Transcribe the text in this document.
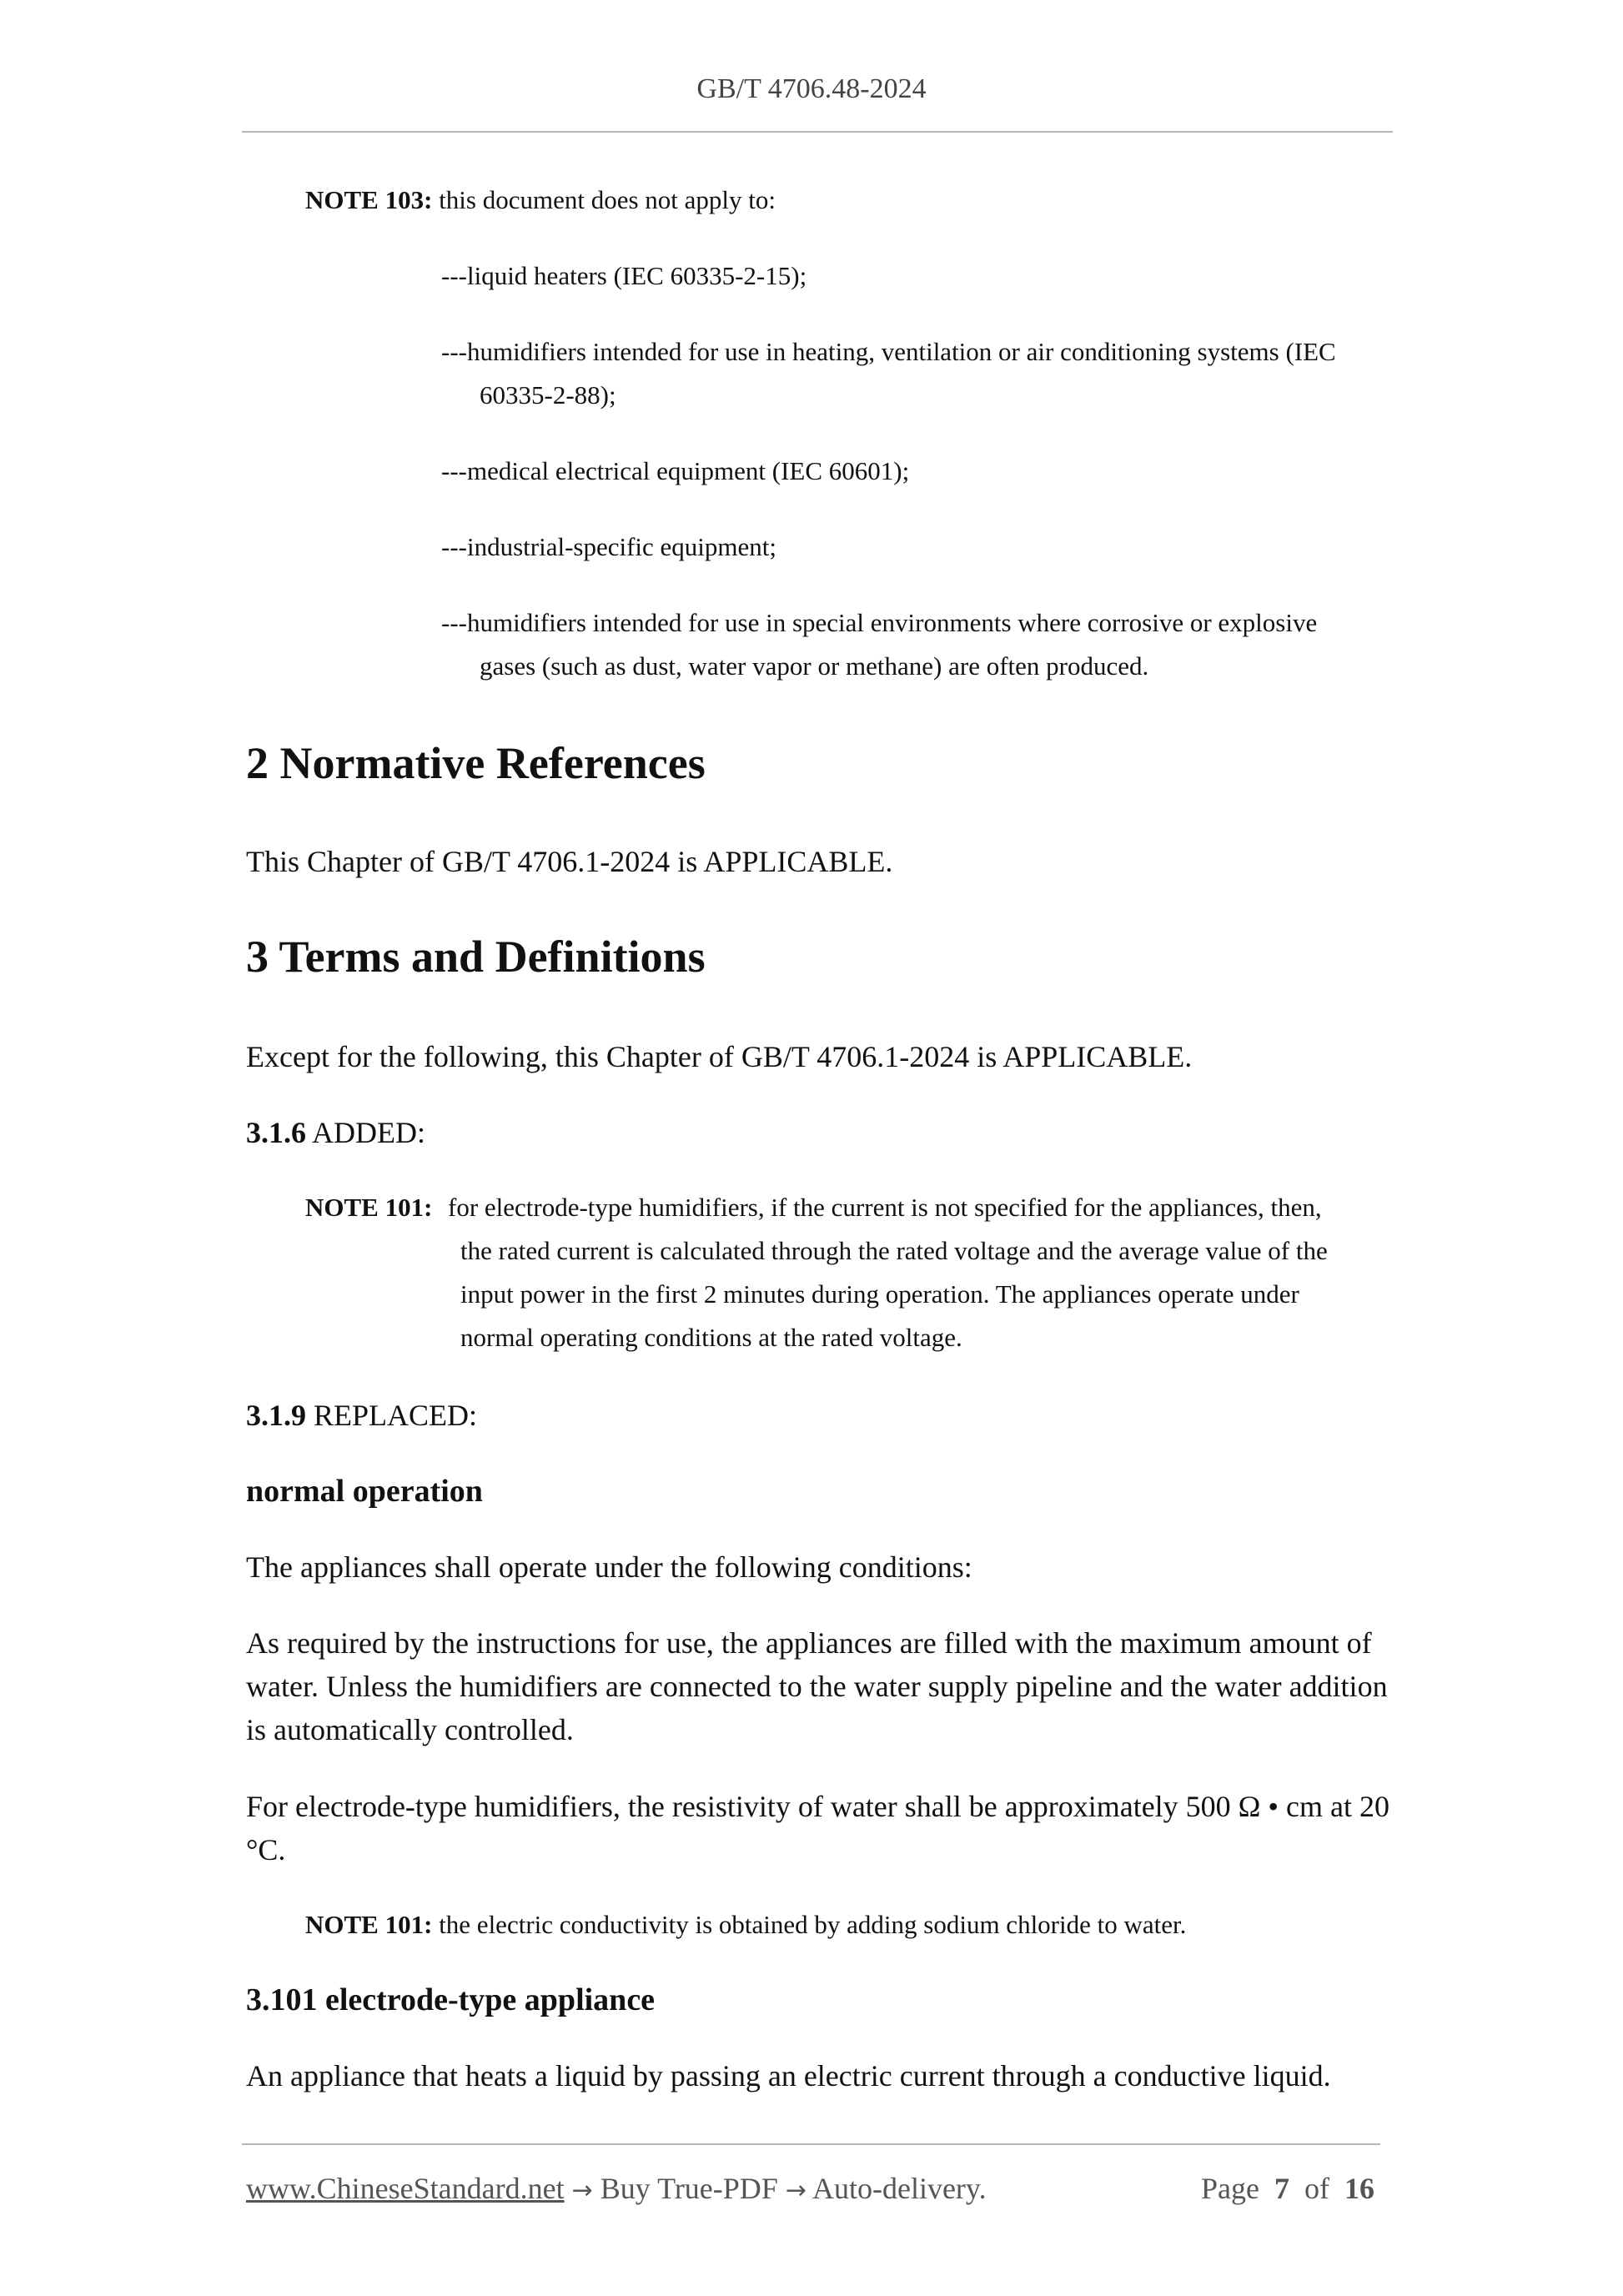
GB/T 4706.48-2024
NOTE 103: this document does not apply to:
---liquid heaters (IEC 60335-2-15);
---humidifiers intended for use in heating, ventilation or air conditioning systems (IEC
60335-2-88);
---medical electrical equipment (IEC 60601);
---industrial-specific equipment;
---humidifiers intended for use in special environments where corrosive or explosive
gases (such as dust, water vapor or methane) are often produced.
2 Normative References
This Chapter of GB/T 4706.1-2024 is APPLICABLE.
3 Terms and Definitions
Except for the following, this Chapter of GB/T 4706.1-2024 is APPLICABLE.
3.1.6 ADDED:
NOTE 101: for electrode-type humidifiers, if the current is not specified for the appliances, then,
the rated current is calculated through the rated voltage and the average value of the
input power in the first 2 minutes during operation. The appliances operate under
normal operating conditions at the rated voltage.
3.1.9 REPLACED:
normal operation
The appliances shall operate under the following conditions:
As required by the instructions for use, the appliances are filled with the maximum amount of
water. Unless the humidifiers are connected to the water supply pipeline and the water addition
is automatically controlled.
For electrode-type humidifiers, the resistivity of water shall be approximately 500 Ω • cm at 20
°C.
NOTE 101: the electric conductivity is obtained by adding sodium chloride to water.
3.101 electrode-type appliance
An appliance that heats a liquid by passing an electric current through a conductive liquid.
www.ChineseStandard.net → Buy True-PDF → Auto-delivery.	Page 7 of 16
